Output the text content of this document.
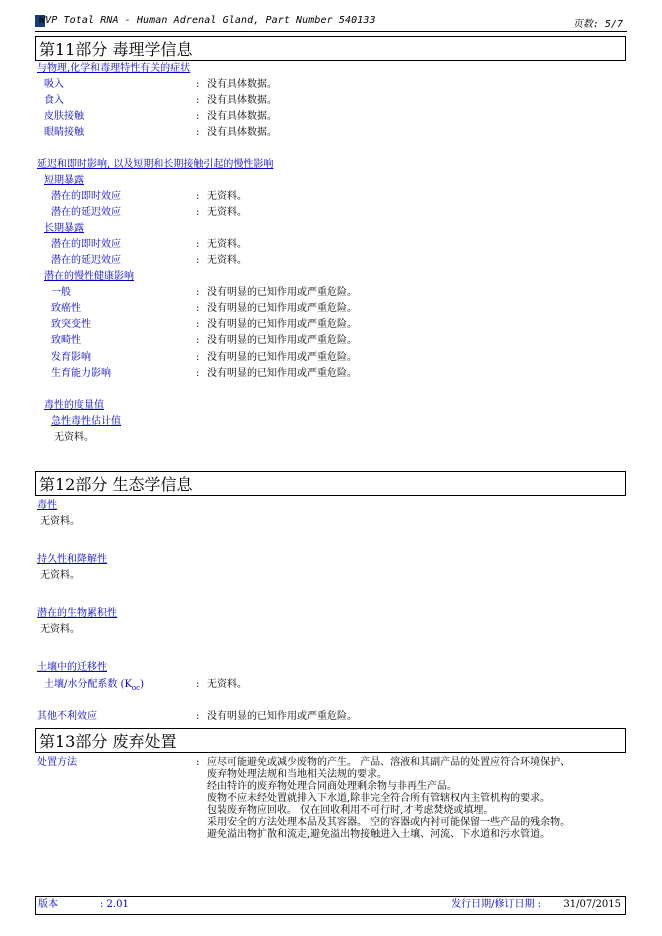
WVP Total RNA - Human Adrenal Gland, Part Number 540133	页数: 5/7
第11部分 毒理学信息
与物理,化学和毒理特性有关的症状
吸入	: 没有具体数据。
食入	: 没有具体数据。
皮肤接触	: 没有具体数据。
眼睛接触	: 没有具体数据。
延迟和即时影响, 以及短期和长期接触引起的慢性影响
短期暴露
潜在的即时效应	: 无资料。
潜在的延迟效应	: 无资料。
长期暴露
潜在的即时效应	: 无资料。
潜在的延迟效应	: 无资料。
潜在的慢性健康影响
一般	: 没有明显的已知作用或严重危险。
致癌性	: 没有明显的已知作用或严重危险。
致突变性	: 没有明显的已知作用或严重危险。
致畸性	: 没有明显的已知作用或严重危险。
发育影响	: 没有明显的已知作用或严重危险。
生育能力影响	: 没有明显的已知作用或严重危险。
毒性的度量值
急性毒性估计值
无资料。
第12部分 生态学信息
毒性
无资料。
持久性和降解性
无资料。
潜在的生物累积性
无资料。
土壤中的迁移性
土壤/水分配系数 $(K_{oc})$	: 无资料。
其他不利效应	: 没有明显的已知作用或严重危险。
第13部分 废弃处置
处置方法	: 应尽可能避免或减少废物的产生。 产品、溶液和其副产品的处置应符合环境保护、
废弃物处理法规和当地相关法规的要求。
经由特许的废弃物处理合同商处理剩余物与非再生产品。
废物不应未经处置就排入下水道,除非完全符合所有管辖权内主管机构的要求。
包装废弃物应回收。 仅在回收利用不可行时,才考虑焚烧或填埋。
采用安全的方法处理本品及其容器。 空的容器或内衬可能保留一些产品的残余物。
避免溢出物扩散和流走,避免溢出物接触进入土壤、河流、下水道和污水管道。
版本	: 2.01	发行日期/修订日期 : 31/07/2015
